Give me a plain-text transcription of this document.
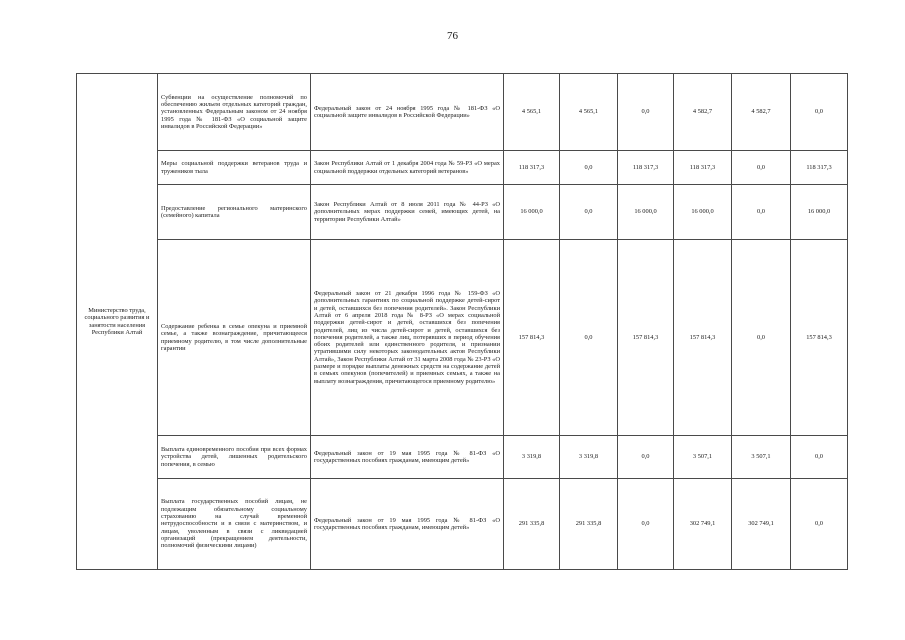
76
Министерство труда, социального развития и занятости населения Республики Алтай	Субвенции на осуществление полномочий по обеспечению жильем отдельных категорий граждан, установленных Федеральным законом от 24 ноября 1995 года № 181-ФЗ «О социальной защите инвалидов в Российской Федерации»	Федеральный закон от 24 ноября 1995 года № 181-ФЗ «О социальной защите инвалидов в Российской Федерации»	4 565,1	4 565,1	0,0	4 582,7	4 582,7	0,0
	Меры социальной поддержки ветеранов труда и тружеников тыла	Закон Республики Алтай от 1 декабря 2004 года № 59-РЗ «О мерах социальной поддержки отдельных категорий ветеранов»	118 317,3	0,0	118 317,3	118 317,3	0,0	118 317,3
	Предоставление регионального материнского (семейного) капитала	Закон Республики Алтай от 8 июля 2011 года № 44-РЗ «О дополнительных мерах поддержки семей, имеющих детей, на территории Республики Алтай»	16 000,0	0,0	16 000,0	16 000,0	0,0	16 000,0
	Содержание ребенка в семье опекуна и приемной семье, а также вознаграждение, причитающееся приемному родителю, в том числе дополнительные гарантии	Федеральный закон от 21 декабря 1996 года № 159-ФЗ «О дополнительных гарантиях по социальной поддержке детей-сирот и детей, оставшихся без попечения родителей». Закон Республики Алтай от 6 апреля 2018 года № 8-РЗ «О мерах социальной поддержки детей-сирот и детей, оставшихся без попечения родителей, лиц из числа детей-сирот и детей, оставшихся без попечения родителей, а также лиц, потерявших в период обучения обоих родителей или единственного родителя, и признании утратившими силу некоторых законодательных актов Республики Алтай», Закон Республики Алтай от 31 марта 2008 года № 23-РЗ «О размере и порядке выплаты денежных средств на содержание детей в семьях опекунов (попечителей) и приемных семьях, а также на выплату вознаграждения, причитающегося приемному родителю»	157 814,3	0,0	157 814,3	157 814,3	0,0	157 814,3
	Выплата единовременного пособия при всех формах устройства детей, лишенных родительского попечения, в семью	Федеральный закон от 19 мая 1995 года № 81-ФЗ «О государственных пособиях гражданам, имеющим детей»	3 319,8	3 319,8	0,0	3 507,1	3 507,1	0,0
	Выплата государственных пособий лицам, не подлежащим обязательному социальному страхованию на случай временной нетрудоспособности и в связи с материнством, и лицам, уволенным в связи с ликвидацией организаций (прекращением деятельности, полномочий физическими лицами)	Федеральный закон от 19 мая 1995 года № 81-ФЗ «О государственных пособиях гражданам, имеющим детей»	291 335,8	291 335,8	0,0	302 749,1	302 749,1	0,0
